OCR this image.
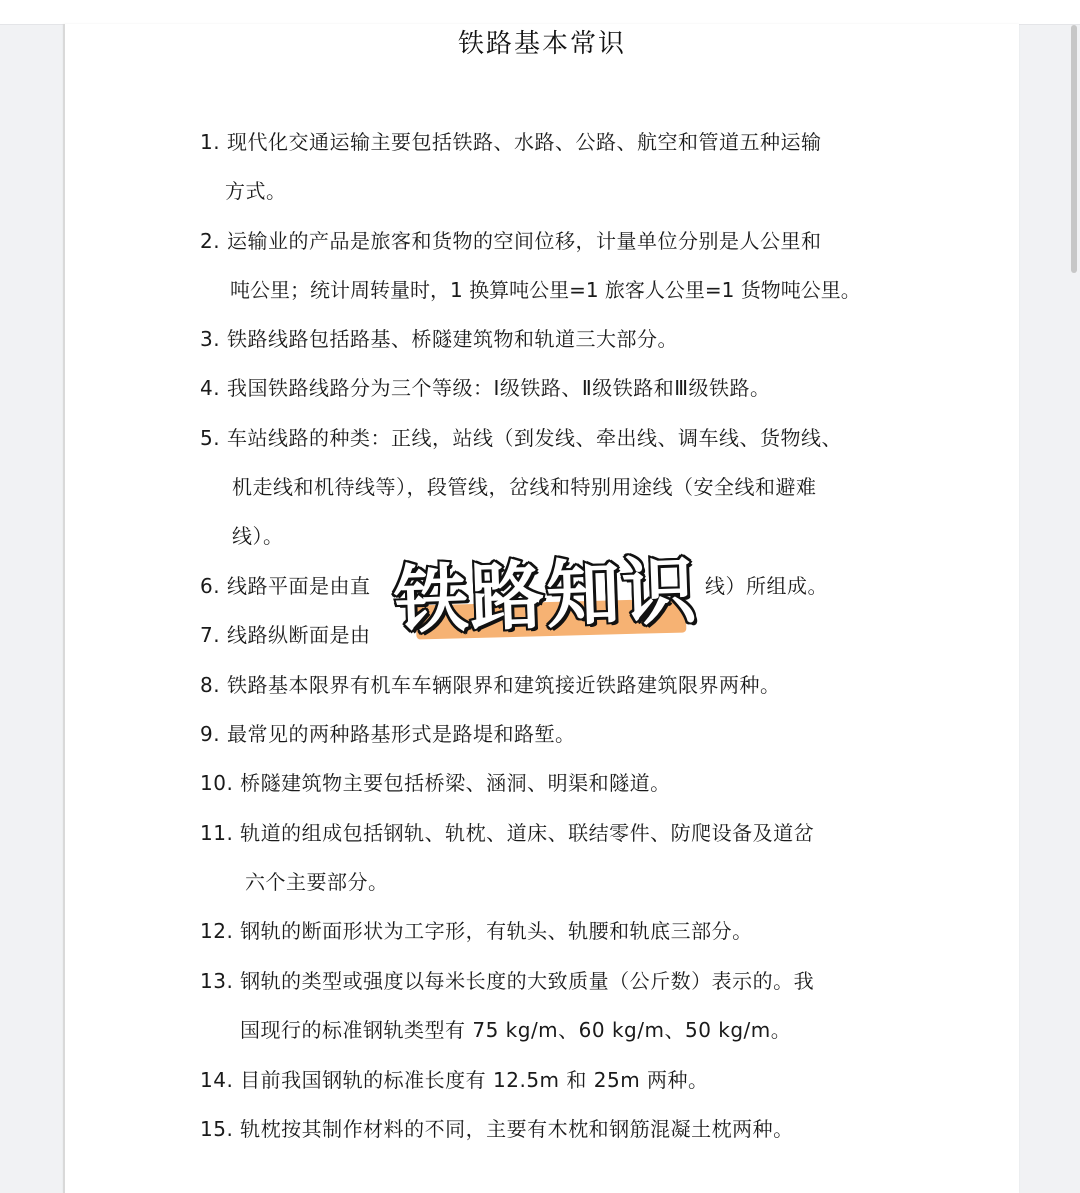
铁路基本常识
1. 现代化交通运输主要包括铁路、水路、公路、航空和管道五种运输
方式。
2. 运输业的产品是旅客和货物的空间位移，计量单位分别是人公里和
吨公里；统计周转量时，1 换算吨公里=1 旅客人公里=1 货物吨公里。
3. 铁路线路包括路基、桥隧建筑物和轨道三大部分。
4. 我国铁路线路分为三个等级：Ⅰ级铁路、Ⅱ级铁路和Ⅲ级铁路。
5. 车站线路的种类：正线，站线（到发线、牵出线、调车线、货物线、
机走线和机待线等），段管线，岔线和特别用途线（安全线和避难
线）。
6. 线路平面是由直	线）所组成。
7. 线路纵断面是由
8. 铁路基本限界有机车车辆限界和建筑接近铁路建筑限界两种。
9. 最常见的两种路基形式是路堤和路堑。
10. 桥隧建筑物主要包括桥梁、涵洞、明渠和隧道。
11. 轨道的组成包括钢轨、轨枕、道床、联结零件、防爬设备及道岔
六个主要部分。
12. 钢轨的断面形状为工字形，有轨头、轨腰和轨底三部分。
13. 钢轨的类型或强度以每米长度的大致质量（公斤数）表示的。我
国现行的标准钢轨类型有 75 kg/m、60 kg/m、50 kg/m。
14. 目前我国钢轨的标准长度有 12.5m 和 25m 两种。
15. 轨枕按其制作材料的不同，主要有木枕和钢筋混凝土枕两种。
铁路知识
